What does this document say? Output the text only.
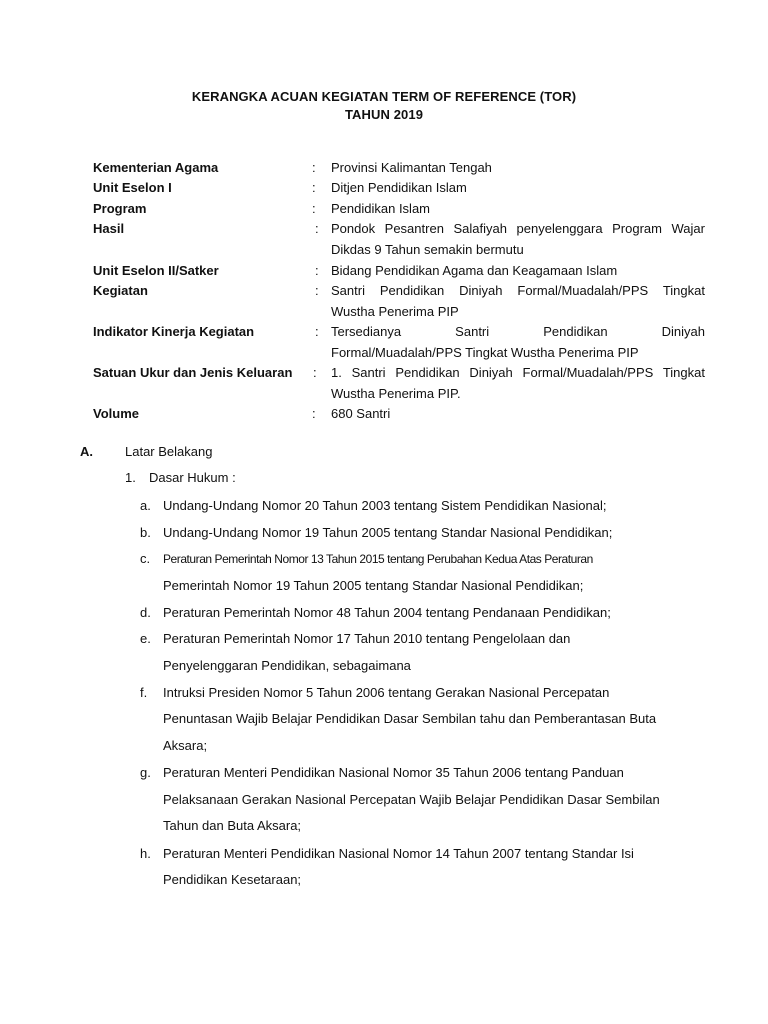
KERANGKA ACUAN KEGIATAN TERM OF REFERENCE (TOR)
TAHUN 2019
Kementerian Agama	: Provinsi Kalimantan Tengah
Unit Eselon I	: Ditjen Pendidikan Islam
Program	: Pendidikan Islam
Hasil	: Pondok Pesantren Salafiyah penyelenggara Program Wajar
Dikdas 9 Tahun semakin bermutu
Unit Eselon II/Satker	: Bidang Pendidikan Agama dan Keagamaan Islam
Kegiatan	: Santri Pendidikan Diniyah Formal/Muadalah/PPS Tingkat
Wustha Penerima PIP
Indikator Kinerja Kegiatan	: Tersedianya Santri Pendidikan Diniyah
Formal/Muadalah/PPS Tingkat Wustha Penerima PIP
Satuan Ukur dan Jenis Keluaran : 1. Santri Pendidikan Diniyah Formal/Muadalah/PPS Tingkat
Wustha Penerima PIP.
Volume	: 680 Santri
A. Latar Belakang
1. Dasar Hukum :
a. Undang-Undang Nomor 20 Tahun 2003 tentang Sistem Pendidikan Nasional;
b. Undang-Undang Nomor 19 Tahun 2005 tentang Standar Nasional Pendidikan;
c. Peraturan Pemerintah Nomor 13 Tahun 2015 tentang Perubahan Kedua Atas Peraturan
Pemerintah Nomor 19 Tahun 2005 tentang Standar Nasional Pendidikan;
d. Peraturan Pemerintah Nomor 48 Tahun 2004 tentang Pendanaan Pendidikan;
e. Peraturan Pemerintah Nomor 17 Tahun 2010 tentang Pengelolaan dan
Penyelenggaran Pendidikan, sebagaimana
f. Intruksi Presiden Nomor 5 Tahun 2006 tentang Gerakan Nasional Percepatan
Penuntasan Wajib Belajar Pendidikan Dasar Sembilan tahu dan Pemberantasan Buta
Aksara;
g. Peraturan Menteri Pendidikan Nasional Nomor 35 Tahun 2006 tentang Panduan
Pelaksanaan Gerakan Nasional Percepatan Wajib Belajar Pendidikan Dasar Sembilan
Tahun dan Buta Aksara;
h. Peraturan Menteri Pendidikan Nasional Nomor 14 Tahun 2007 tentang Standar Isi
Pendidikan Kesetaraan;
